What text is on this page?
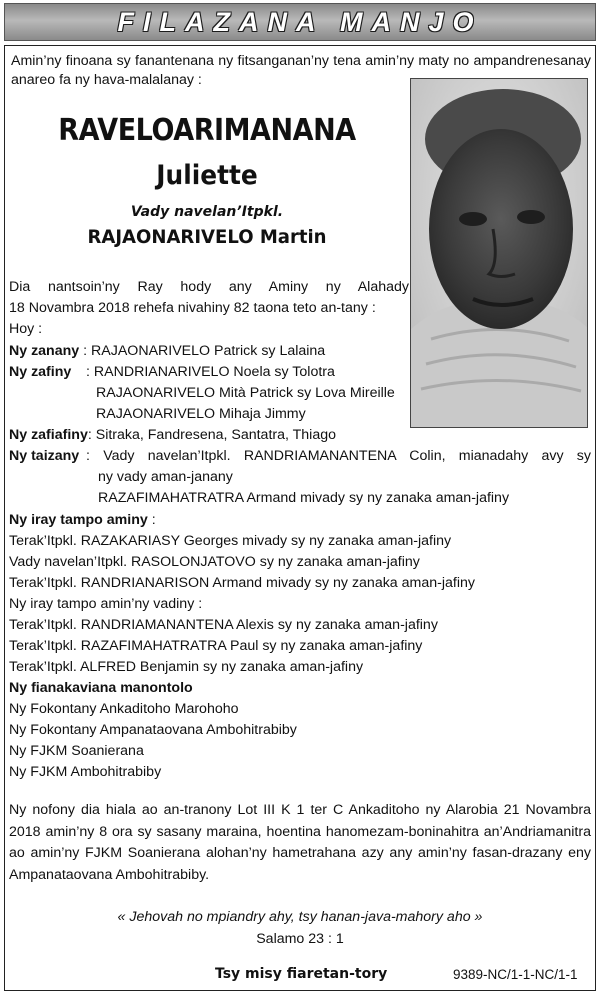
FILAZANA MANJO
Amin’ny finoana sy fanantenana ny fitsanganan’ny tena amin’ny maty no ampandrenesanay anareo fa ny hava-malalanay :
RAVELOARIMANANA
Juliette
Vady navelan’Itpkl.
RAJAONARIVELO Martin
Dia nantsoin’ny Ray hody any Aminy ny Alahady
18 Novambra 2018 rehefa nivahiny 82 taona teto an-tany :
Hoy :
Ny zanany : RAJAONARIVELO Patrick sy Lalaina
Ny zafiny : RANDRIANARIVELO Noela sy Tolotra
RAJAONARIVELO Mità Patrick sy Lova Mireille
RAJAONARIVELO Mihaja Jimmy
Ny zafiafiny: Sitraka, Fandresena, Santatra, Thiago
Ny taizany : Vady navelan’Itpkl. RANDRIAMANANTENA Colin, mianadahy avy sy
ny vady aman-janany
RAZAFIMAHATRATRA Armand mivady sy ny zanaka aman-jafiny
Ny iray tampo aminy :
Terak’Itpkl. RAZAKARIASY Georges mivady sy ny zanaka aman-jafiny
Vady navelan’Itpkl. RASOLONJATOVO sy ny zanaka aman-jafiny
Terak’Itpkl. RANDRIANARISON Armand mivady sy ny zanaka aman-jafiny
Ny iray tampo amin’ny vadiny :
Terak’Itpkl. RANDRIAMANANTENA Alexis sy ny zanaka aman-jafiny
Terak’Itpkl. RAZAFIMAHATRATRA Paul sy ny zanaka aman-jafiny
Terak’Itpkl. ALFRED Benjamin sy ny zanaka aman-jafiny
Ny fianakaviana manontolo
Ny Fokontany Ankaditoho Marohoho
Ny Fokontany Ampanataovana Ambohitrabiby
Ny FJKM Soanierana
Ny FJKM Ambohitrabiby
Ny nofony dia hiala ao an-tranony Lot III K 1 ter C Ankaditoho ny Alarobia 21 Novambra 2018 amin’ny 8 ora sy sasany maraina, hoentina hanomezam-boninahitra an’Andriamanitra ao amin’ny FJKM Soanierana alohan’ny hametrahana azy any amin’ny fasan-drazany eny Ampanataovana Ambohitrabiby.
« Jehovah no mpiandry ahy, tsy hanan-java-mahory aho »
Salamo 23 : 1
Tsy misy fiaretan-tory	9389-NC/1-1-NC/1-1
